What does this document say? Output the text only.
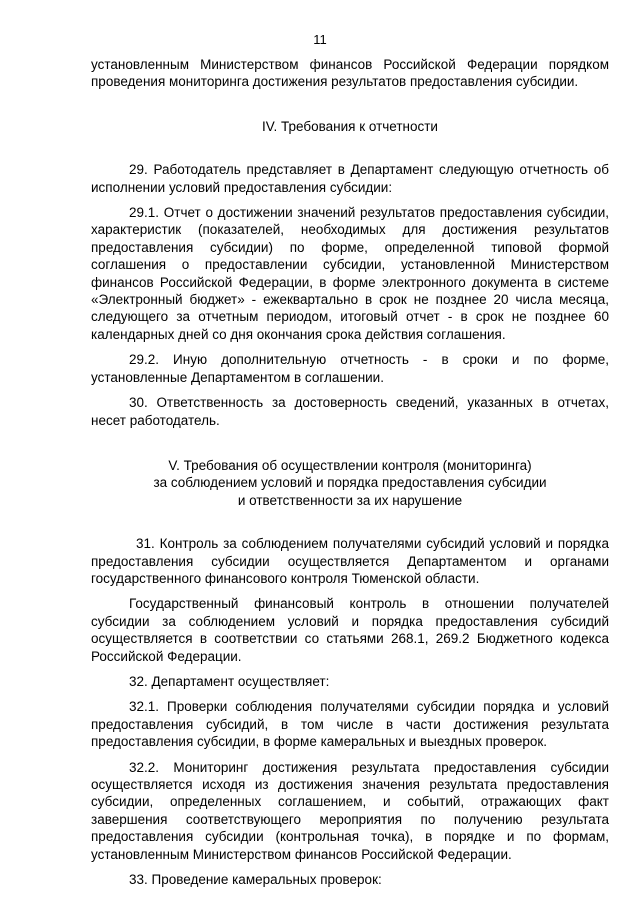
11

установленным Министерством финансов Российской Федерации порядком проведения мониторинга достижения результатов предоставления субсидии.

IV. Требования к отчетности

29. Работодатель представляет в Департамент следующую отчетность об исполнении условий предоставления субсидии:

29.1. Отчет о достижении значений результатов предоставления субсидии, характеристик (показателей, необходимых для достижения результатов предоставления субсидии) по форме, определенной типовой формой соглашения о предоставлении субсидии, установленной Министерством финансов Российской Федерации, в форме электронного документа в системе «Электронный бюджет» - ежеквартально в срок не позднее 20 числа месяца, следующего за отчетным периодом, итоговый отчет - в срок не позднее 60 календарных дней со дня окончания срока действия соглашения.

29.2. Иную дополнительную отчетность - в сроки и по форме, установленные Департаментом в соглашении.

30. Ответственность за достоверность сведений, указанных в отчетах, несет работодатель.

V. Требования об осуществлении контроля (мониторинга)
за соблюдением условий и порядка предоставления субсидии
и ответственности за их нарушение

31. Контроль за соблюдением получателями субсидий условий и порядка предоставления субсидии осуществляется Департаментом и органами государственного финансового контроля Тюменской области.

Государственный финансовый контроль в отношении получателей субсидии за соблюдением условий и порядка предоставления субсидий осуществляется в соответствии со статьями 268.1, 269.2 Бюджетного кодекса Российской Федерации.

32. Департамент осуществляет:

32.1. Проверки соблюдения получателями субсидии порядка и условий предоставления субсидий, в том числе в части достижения результата предоставления субсидии, в форме камеральных и выездных проверок.

32.2. Мониторинг достижения результата предоставления субсидии осуществляется исходя из достижения значения результата предоставления субсидии, определенных соглашением, и событий, отражающих факт завершения соответствующего мероприятия по получению результата предоставления субсидии (контрольная точка), в порядке и по формам, установленным Министерством финансов Российской Федерации.

33. Проведение камеральных проверок:
